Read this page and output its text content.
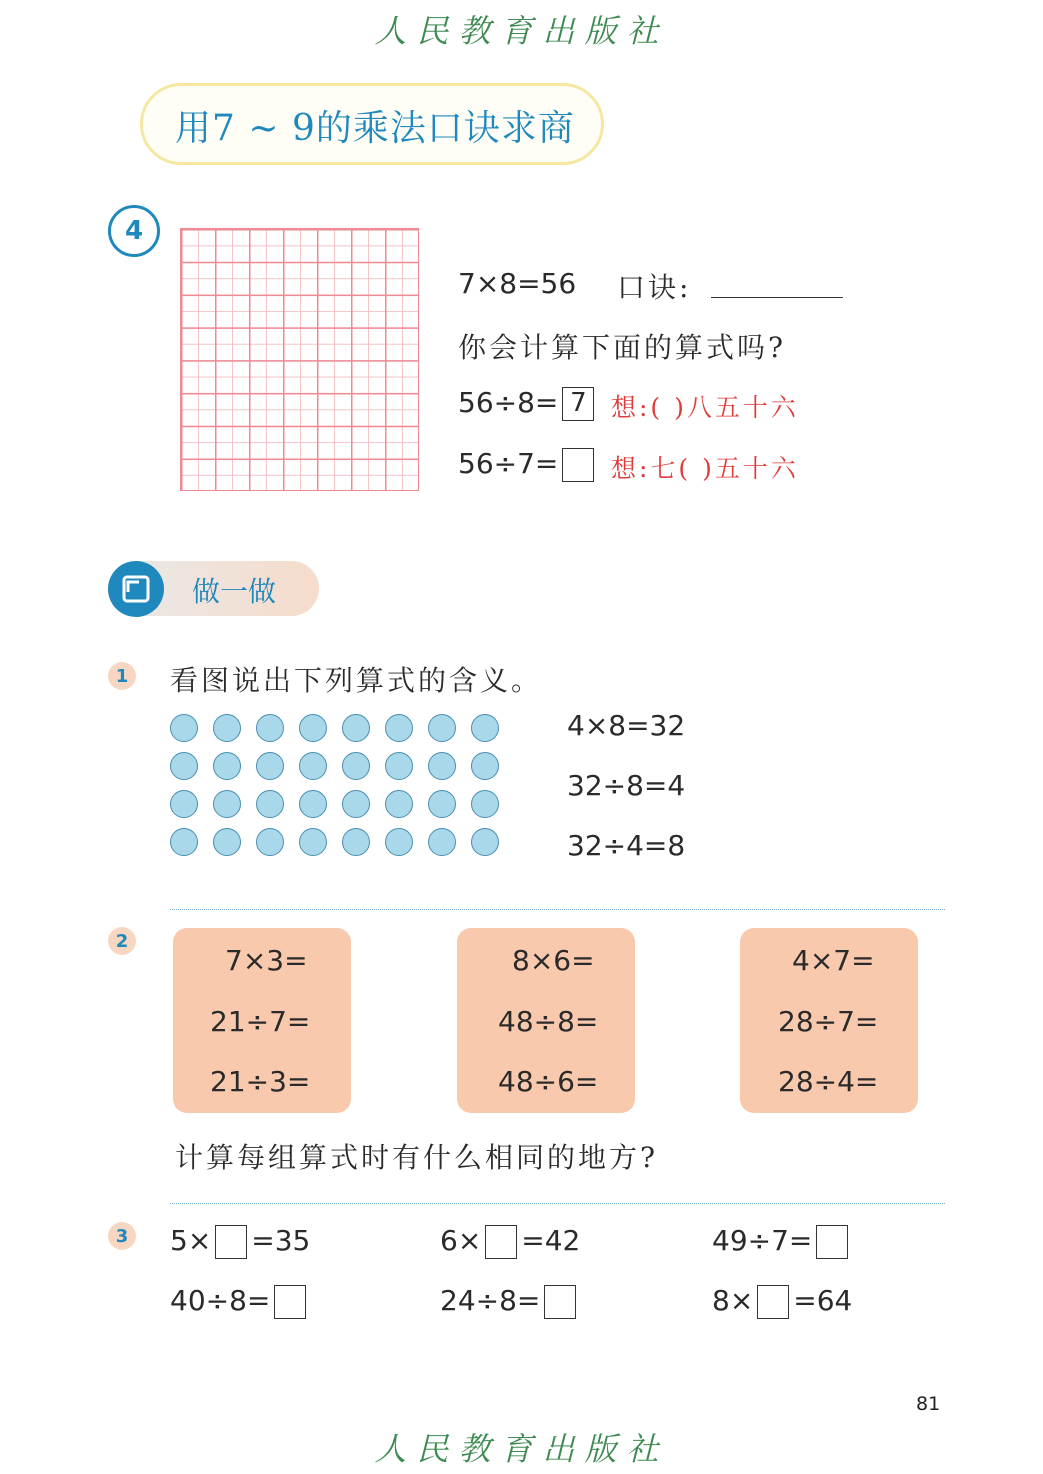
人民教育出版社
用7 ~ 9的乘法口诀求商
4
7×8=56 口诀:
你会计算下面的算式吗?
56÷8= 7 想:( )八五十六
56÷7=	想:七( )五十六
做一做
1 看图说出下列算式的含义。
4×8=32
32÷8=4
32÷4=8
2
7×3=
21÷7=
21÷3=
8×6=
48÷8=
48÷6=
4×7=
28÷7=
28÷4=
计算每组算式时有什么相同的地方?
3 5× =35	6× =42	49÷7=
40÷8=	24÷8=	8× =64
81
人民教育出版社
